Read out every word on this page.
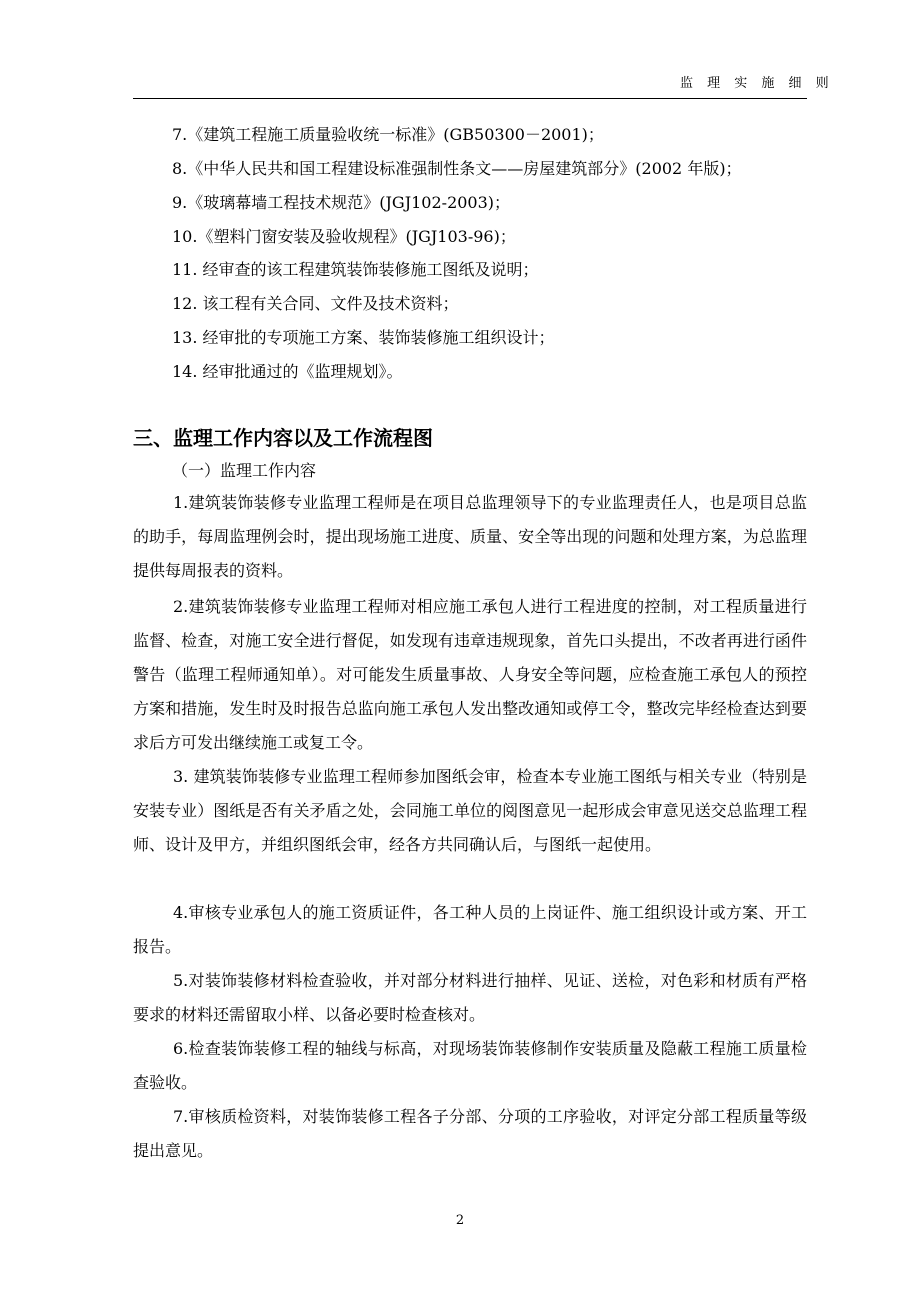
监 理 实 施 细 则
7.《建筑工程施工质量验收统一标准》(GB50300－2001)；
8.《中华人民共和国工程建设标准强制性条文——房屋建筑部分》(2002 年版)；
9.《玻璃幕墙工程技术规范》(JGJ102-2003)；
10.《塑料门窗安装及验收规程》(JGJ103-96)；
11. 经审查的该工程建筑装饰装修施工图纸及说明；
12. 该工程有关合同、文件及技术资料；
13. 经审批的专项施工方案、装饰装修施工组织设计；
14. 经审批通过的《监理规划》。
三、监理工作内容以及工作流程图
（一）监理工作内容
1.建筑装饰装修专业监理工程师是在项目总监理领导下的专业监理责任人，也是项目总监的助手，每周监理例会时，提出现场施工进度、质量、安全等出现的问题和处理方案，为总监理提供每周报表的资料。
2.建筑装饰装修专业监理工程师对相应施工承包人进行工程进度的控制，对工程质量进行监督、检查，对施工安全进行督促，如发现有违章违规现象，首先口头提出，不改者再进行函件警告（监理工程师通知单）。对可能发生质量事故、人身安全等问题，应检查施工承包人的预控方案和措施，发生时及时报告总监向施工承包人发出整改通知或停工令，整改完毕经检查达到要求后方可发出继续施工或复工令。
3. 建筑装饰装修专业监理工程师参加图纸会审，检查本专业施工图纸与相关专业（特别是安装专业）图纸是否有关矛盾之处，会同施工单位的阅图意见一起形成会审意见送交总监理工程师、设计及甲方，并组织图纸会审，经各方共同确认后，与图纸一起使用。
4.审核专业承包人的施工资质证件，各工种人员的上岗证件、施工组织设计或方案、开工报告。
5.对装饰装修材料检查验收，并对部分材料进行抽样、见证、送检，对色彩和材质有严格要求的材料还需留取小样、以备必要时检查核对。
6.检查装饰装修工程的轴线与标高，对现场装饰装修制作安装质量及隐蔽工程施工质量检查验收。
7.审核质检资料，对装饰装修工程各子分部、分项的工序验收，对评定分部工程质量等级提出意见。
2
